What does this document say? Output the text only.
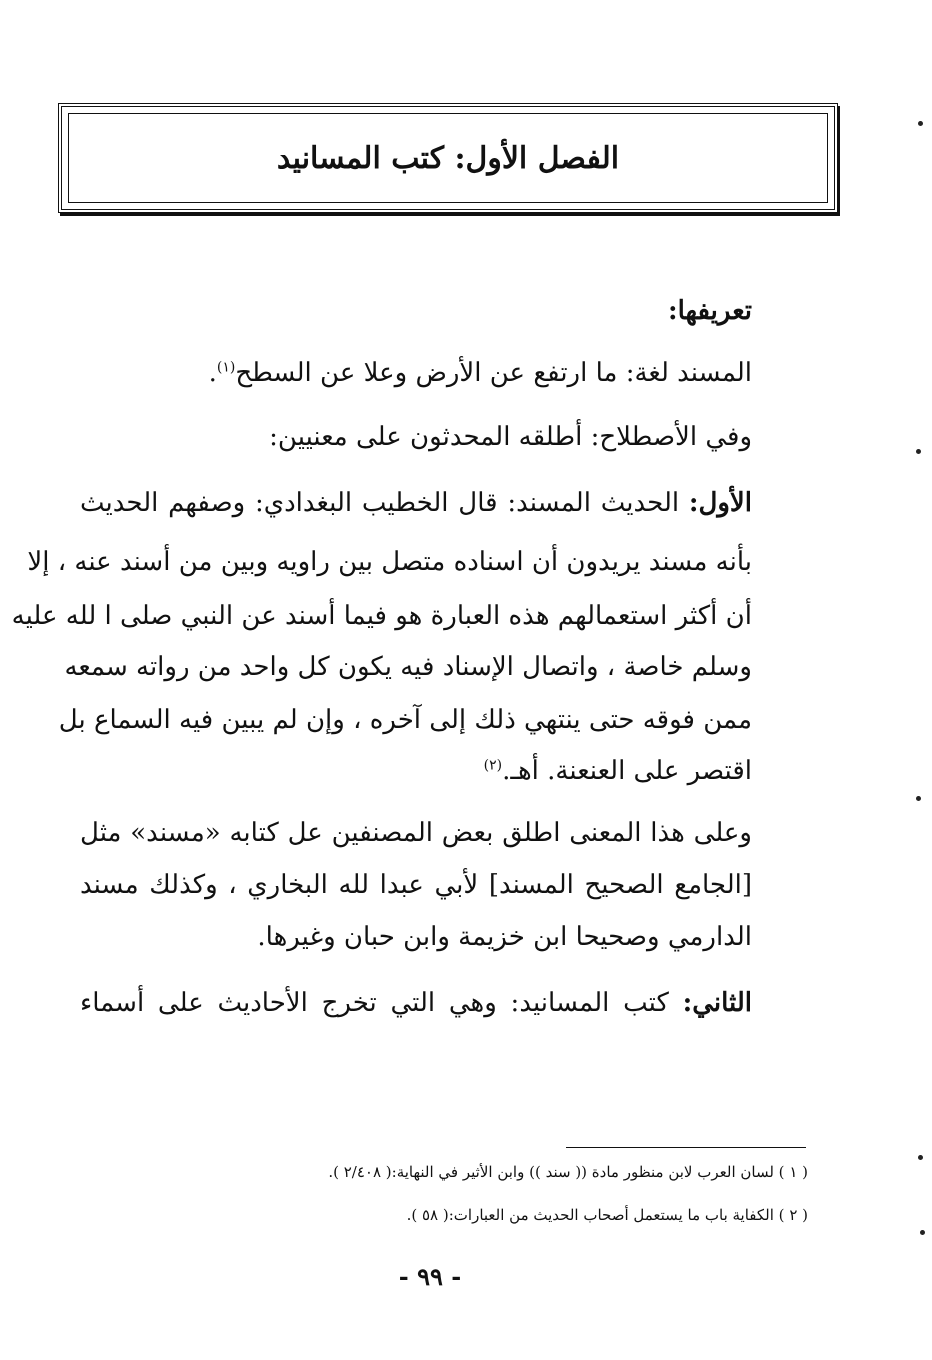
الفصل الأول: كتب المسانيد
تعريفها:
المسند لغة: ما ارتفع عن الأرض وعلا عن السطح$^{(١)}$.
وفي الأصطلاح: أطلقه المحدثون على معنيين:
الأول: الحديث المسند: قال الخطيب البغدادي: وصفهم الحديث
بأنه مسند يريدون أن اسناده متصل بين راويه وبين من أسند عنه ، إلا
أن أكثر استعمالهم هذه العبارة هو فيما أسند عن النبي صلى ا لله عليه
وسلم خاصة ، واتصال الإسناد فيه يكون كل واحد من رواته سمعه
ممن فوقه حتى ينتهي ذلك إلى آخره ، وإن لم يبين فيه السماع بل
اقتصر على العنعنة. أهـ.$^{(٢)}$
وعلى هذا المعنى اطلق بعض المصنفين عل كتابه «مسند» مثل
[الجامع الصحيح المسند] لأبي عبدا لله البخاري ، وكذلك مسند
الدارمي وصحيحا ابن خزيمة وابن حبان وغيرها.
الثاني: كتب المسانيد: وهي التي تخرج الأحاديث على أسماء
( ١ ) لسان العرب لابن منظور مادة (( سند )) وابن الأثير في النهاية:( ٢/٤٠٨ ).
( ٢ ) الكفاية باب ما يستعمل أصحاب الحديث من العبارات:( ٥٨ ).
- ٩٩ -
